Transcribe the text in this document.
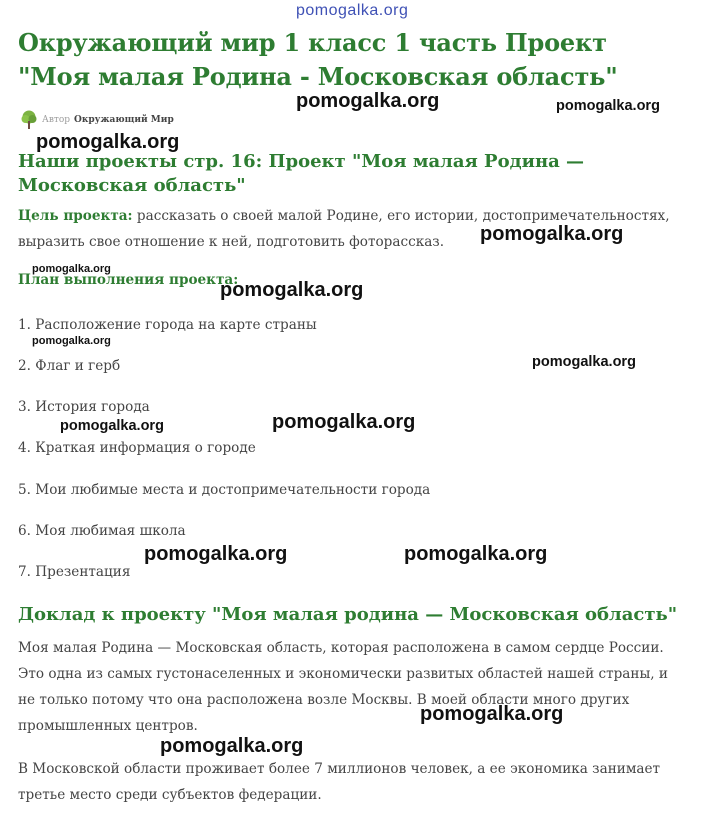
pomogalka.org
Окружающий мир 1 класс 1 часть Проект "Моя малая Родина - Московская область"
Автор Окружающий Мир
Наши проекты стр. 16: Проект "Моя малая Родина — Московская область"

Цель проекта: рассказать о своей малой Родине, его истории, достопримечательностях, выразить свое отношение к ней, подготовить фоторассказ.

План выполнения проекта:
1. Расположение города на карте страны
2. Флаг и герб
3. История города
4. Краткая информация о городе
5. Мои любимые места и достопримечательности города
6. Моя любимая школа
7. Презентация
Доклад к проекту "Моя малая родина — Московская область"

Моя малая Родина — Московская область, которая расположена в самом сердце России. Это одна из самых густонаселенных и экономически развитых областей нашей страны, и не только потому что она расположена возле Москвы. В моей области много других промышленных центров.

В Московской области проживает более 7 миллионов человек, а ее экономика занимает третье место среди субъектов федерации.

pomogalka.org	pomogalka.org
pomogalka.org
pomogalka.org
pomogalka.org
pomogalka.org
pomogalka.org
pomogalka.org
pomogalka.org	pomogalka.org
pomogalka.org	pomogalka.org
pomogalka.org
pomogalka.org
